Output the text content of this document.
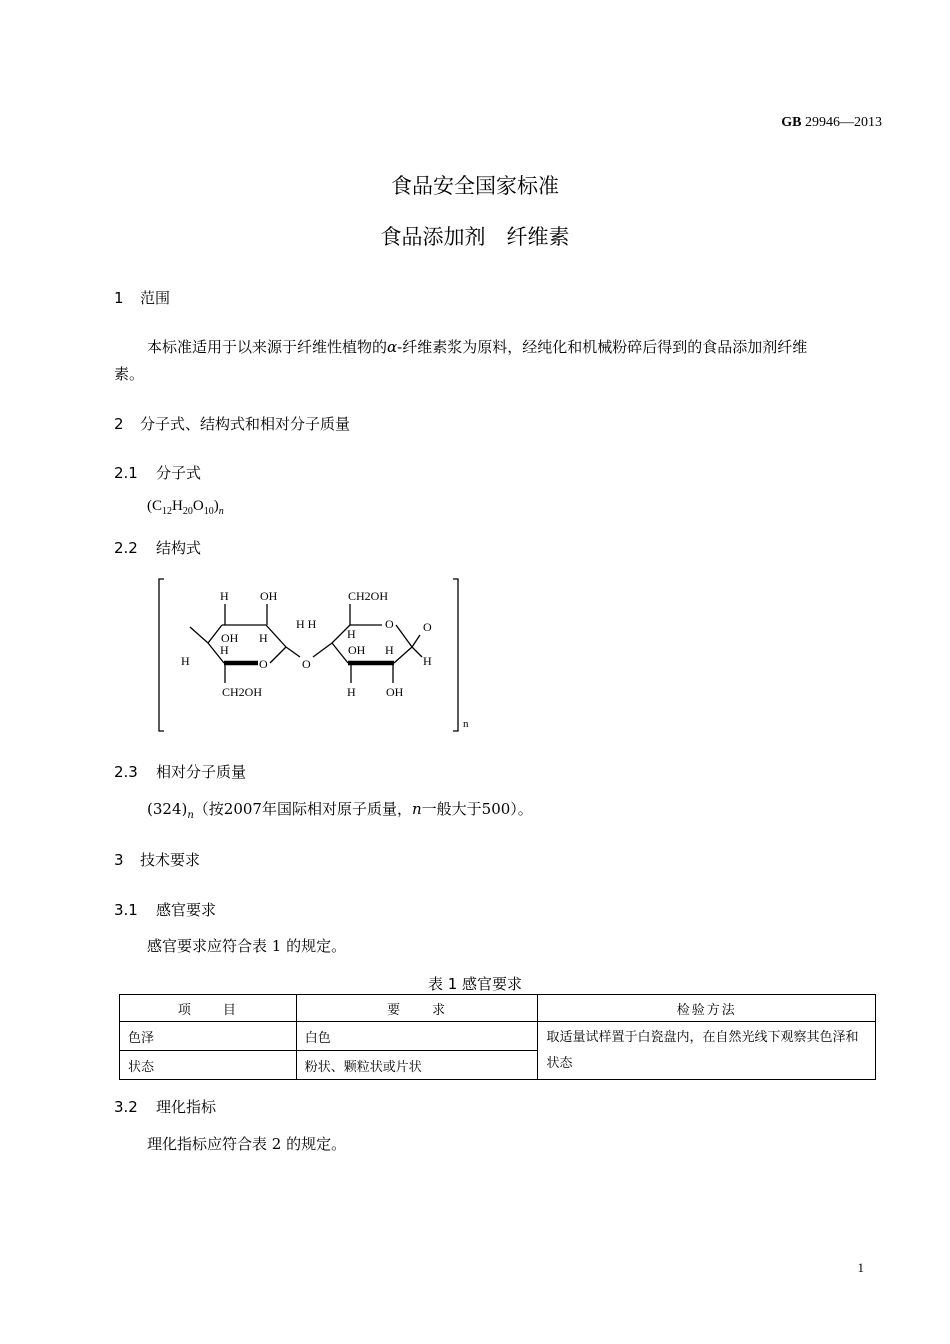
GB 29946—2013
食品安全国家标准
食品添加剂　纤维素
1 范围
本标准适用于以来源于纤维性植物的α-纤维素浆为原料，经纯化和机械粉碎后得到的食品添加剂纤维
素。
2 分子式、结构式和相对分子质量
2.1 分子式
$(C_{12}H_{20}O_{10})_n$
2.2 结构式
H	OH	CH2OH
OH
H
H
H	O
CH2OH
H H
O
H
O O
OH H
H
H	OH
n
2.3 相对分子质量
$(324)_n$（按2007年国际相对原子质量，n一般大于500）。
3 技术要求
3.1 感官要求
感官要求应符合表 1 的规定。
表 1 感官要求
项　　目	要　　求	检验方法
色泽	白色	取适量试样置于白瓷盘内，在自然光线下观察其色泽和状态
状态	粉状、颗粒状或片状	
3.2 理化指标
理化指标应符合表 2 的规定。
1
